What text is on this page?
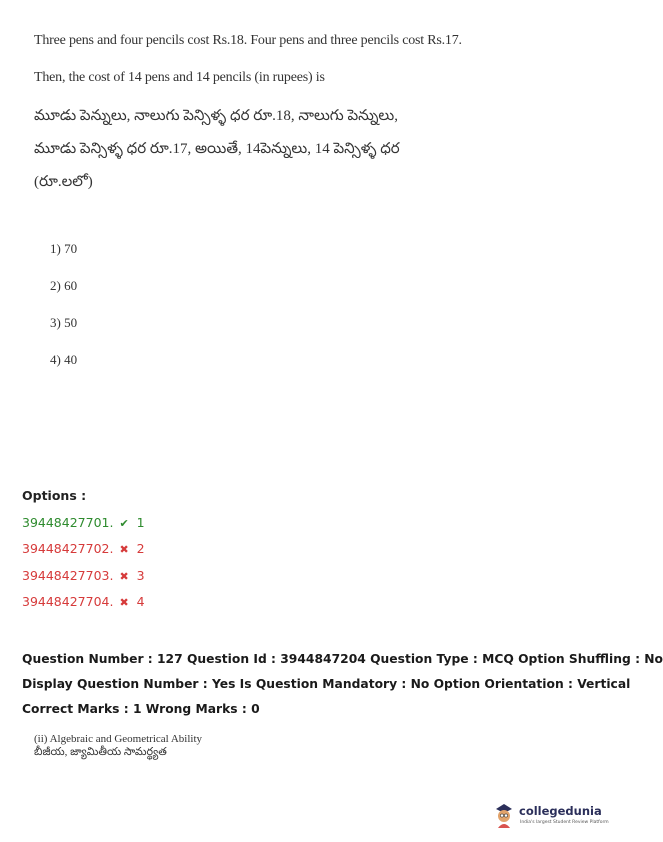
Three pens and four pencils cost Rs.18. Four pens and three pencils cost Rs.17.
Then, the cost of 14 pens and 14 pencils (in rupees) is
మూడు పెన్నులు, నాలుగు పెన్సిళ్ళ ధర రూ.18, నాలుగు పెన్నులు,
మూడు పెన్సిళ్ళ ధర రూ.17, అయితే, 14పెన్నులు, 14 పెన్సిళ్ళ ధర
(రూ.లలో)
1) 70
2) 60
3) 50
4) 40
Options :
39448427701. ✔ 1
39448427702. ✖ 2
39448427703. ✖ 3
39448427704. ✖ 4
Question Number : 127 Question Id : 3944847204 Question Type : MCQ Option Shuffling : No
Display Question Number : Yes Is Question Mandatory : No Option Orientation : Vertical
Correct Marks : 1 Wrong Marks : 0
(ii) Algebraic and Geometrical Ability
బీజీయ, జ్యామితీయ సామర్థ్యత
collegedunia
India's largest Student Review Platform
